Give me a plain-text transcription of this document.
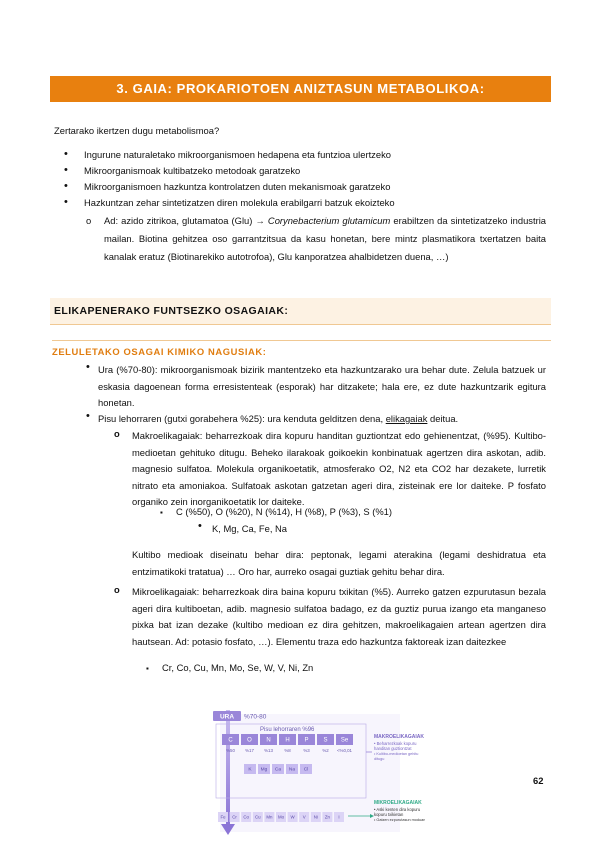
3. GAIA: PROKARIOTOEN ANIZTASUN METABOLIKOA:
Zertarako ikertzen dugu metabolismoa?
• Ingurune naturaletako mikroorganismoen hedapena eta funtzioa ulertzeko
• Mikroorganismoak kultibatzeko metodoak garatzeko
• Mikroorganismoen hazkuntza kontrolatzen duten mekanismoak garatzeko
• Hazkuntzan zehar sintetizatzen diren molekula erabilgarri batzuk ekoizteko
o Ad: azido zitrikoa, glutamatoa (Glu) → Corynebacterium glutamicum erabiltzen da sintetizatzeko industria mailan. Biotina gehitzea oso garrantzitsua da kasu honetan, bere mintz plasmatikora txertatzen baita kanalak eratuz (Biotinarekiko autotrofoa), Glu kanporatzea ahalbidetzen duena, …)
ELIKAPENERAKO FUNTSEZKO OSAGAIAK:
ZELULETAKO OSAGAI KIMIKO NAGUSIAK:
• Ura (%70-80): mikroorganismoak bizirik mantentzeko eta hazkuntzarako ura behar dute. Zelula batzuek ur eskasia dagoenean forma erresistenteak (esporak) har ditzakete; hala ere, ez dute hazkuntzarik egitura honetan.
• Pisu lehorraren (gutxi gorabehera %25): ura kenduta gelditzen dena, elikagaiak deitua.
o Makroelikagaiak: beharrezkoak dira kopuru handitan guztiontzat edo gehienentzat, (%95). Kultibo-medioetan gehituko ditugu. Beheko ilarakoak goikoekin konbinatuak agertzen dira askotan, adib. magnesio sulfatoa. Molekula organikoetatik, atmosferako O2, N2 eta CO2 har dezakete, lurretik nitrato eta amoniakoa. Sulfatoak askotan gatzetan ageri dira, zisteinak ere lor daiteke. P fosfato organiko zein inorganikoetatik lor daiteke.
▪ C (%50), O (%20), N (%14), H (%8), P (%3), S (%1)
• K, Mg, Ca, Fe, Na
Kultibo medioak diseinatu behar dira: peptonak, legami aterakina (legami deshidratua eta entzimatikoki tratatua) … Oro har, aurreko osagai guztiak gehitu behar dira.
o Mikroelikagaiak: beharrezkoak dira baina kopuru txikitan (%5). Aurreko gatzen ezpurutasun bezala ageri dira kultiboetan, adib. magnesio sulfatoa badago, ez da guztiz purua izango eta manganeso pixka bat izan dezake (kultibo medioan ez dira gehitzen, makroelikagaien artean agertzen dira hautsean. Ad: potasio fosfato, …). Elementu traza edo hazkuntza faktoreak izan daitezkee
▪ Cr, Co, Cu, Mn, Mo, Se, W, V, Ni, Zn
URA %70-80
Pisu lehorraren %96
C O N H P S Se
%50 %17 %13	%8	%3	%2 <%0,01
K Mg Ca Na Cl
Fe Cr Co Cu Mn Mo W V Ni Zn I
MAKROELIKAGAIAK
• Beharrezkoak kopuru
handitan guztiontzat
• Kultibo-medioetan gehitu
ditugu
MIKROELIKAGAIAK
• Aski kenten dira kopuru
kopuru txikietan
• Gatzen ezpurutasun moduan
62
